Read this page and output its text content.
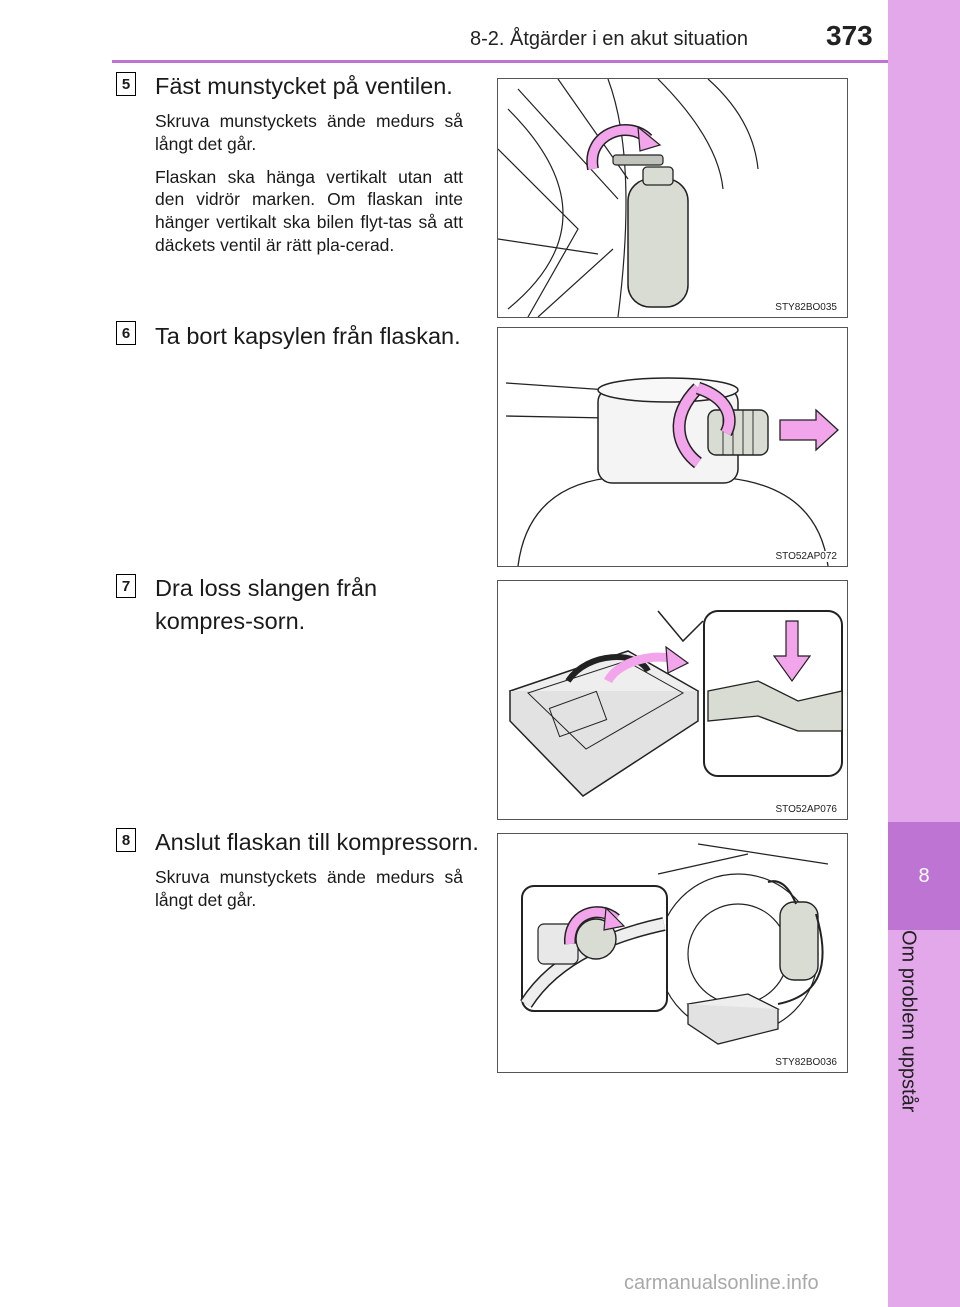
8
Om problem uppstår
8-2. Åtgärder i en akut situation	373
5 Fäst munstycket på ventilen.

Skruva munstyckets ände medurs så långt det går.

Flaskan ska hänga vertikalt utan att den vidrör marken. Om flaskan inte hänger vertikalt ska bilen flyt-tas så att däckets ventil är rätt pla-cerad.

STY82BO035
6 Ta bort kapsylen från flaskan.
STO52AP072
7 Dra loss slangen från kompres-sorn.
STO52AP076
8 Anslut flaskan till kompressorn.

Skruva munstyckets ände medurs så långt det går.

STY82BO036
carmanualsonline.info
